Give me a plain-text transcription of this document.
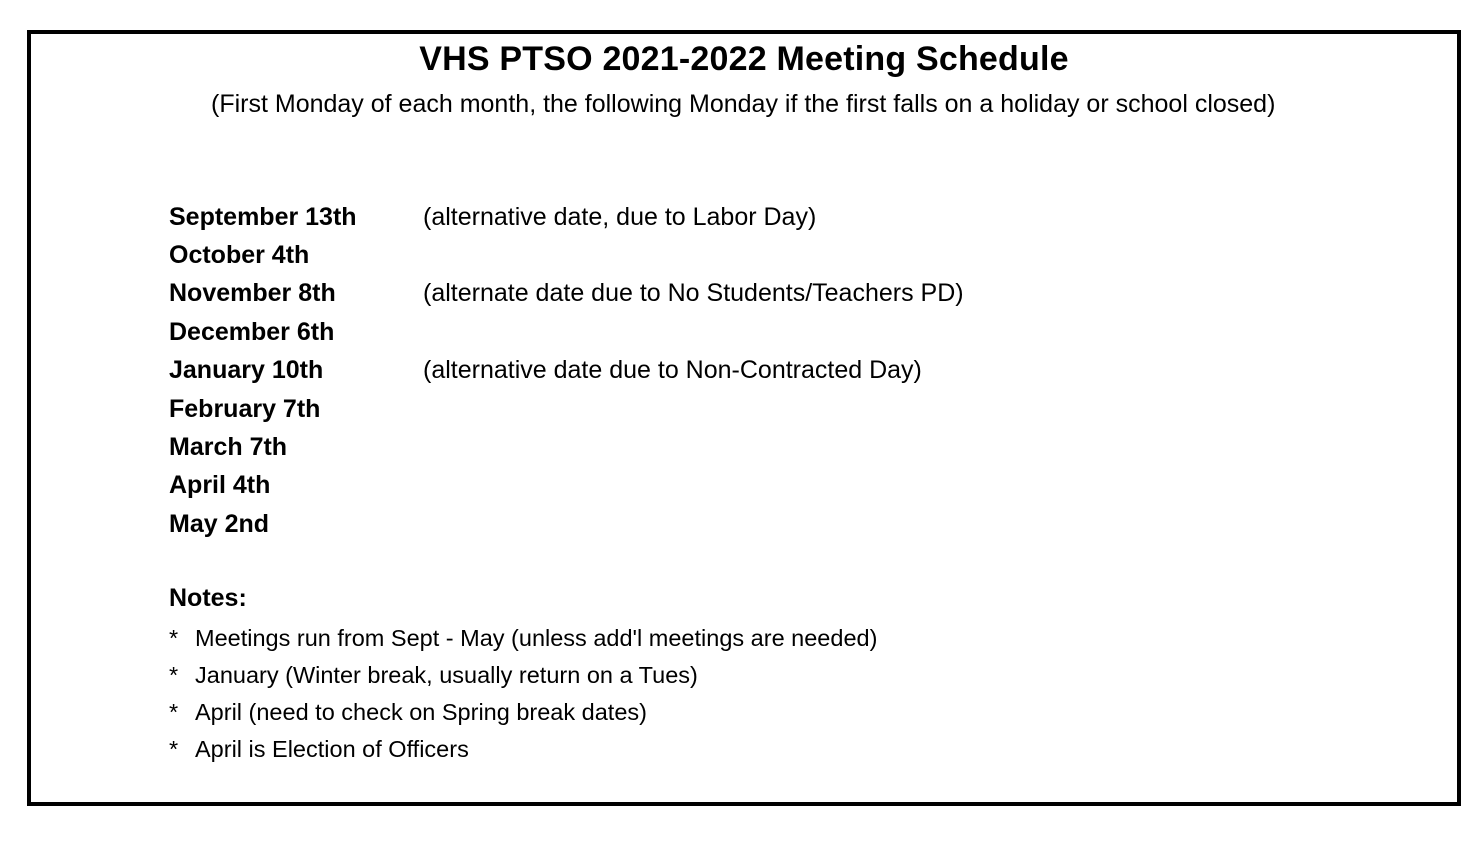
VHS PTSO 2021-2022 Meeting Schedule

(First Monday of each month, the following Monday if the first falls on a holiday or school closed)

September 13th	(alternative date, due to Labor Day)
October 4th
November 8th	(alternate date due to No Students/Teachers PD)
December 6th
January 10th	(alternative date due to Non-Contracted Day)
February 7th
March 7th
April 4th
May 2nd

Notes:

* Meetings run from Sept - May (unless add'l meetings are needed)
* January (Winter break, usually return on a Tues)
* April (need to check on Spring break dates)
* April is Election of Officers
